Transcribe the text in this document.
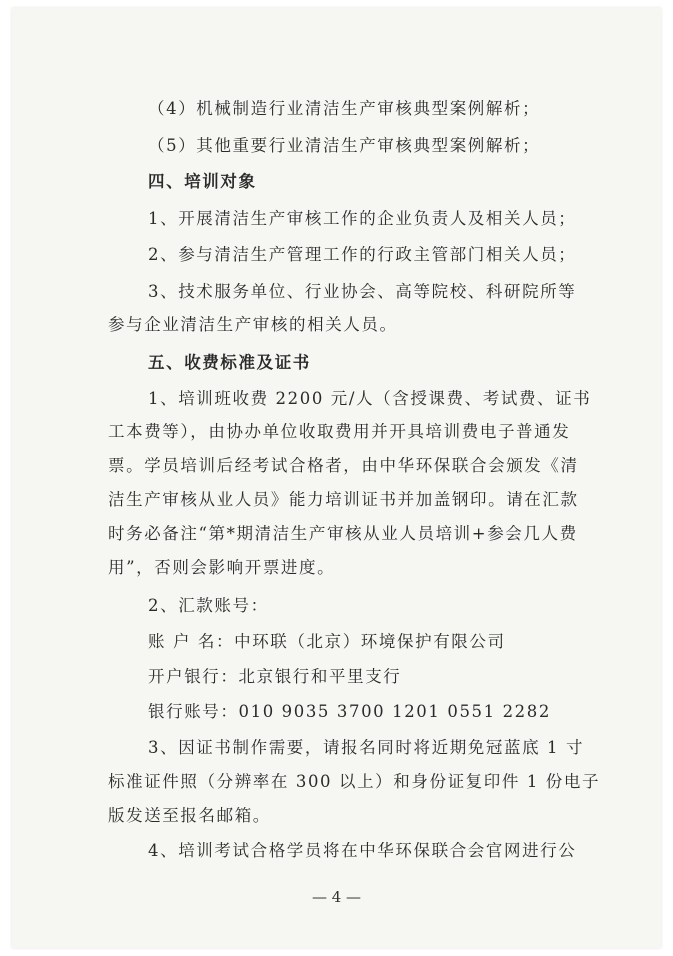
（4）机械制造行业清洁生产审核典型案例解析；
（5）其他重要行业清洁生产审核典型案例解析；
四、培训对象
1、开展清洁生产审核工作的企业负责人及相关人员；
2、参与清洁生产管理工作的行政主管部门相关人员；
3、技术服务单位、行业协会、高等院校、科研院所等
参与企业清洁生产审核的相关人员。
五、收费标准及证书
1、培训班收费 2200 元/人（含授课费、考试费、证书
工本费等），由协办单位收取费用并开具培训费电子普通发
票。学员培训后经考试合格者，由中华环保联合会颁发《清
洁生产审核从业人员》能力培训证书并加盖钢印。请在汇款
时务必备注“第*期清洁生产审核从业人员培训+参会几人费
用”，否则会影响开票进度。
2、汇款账号：
账 户 名：中环联（北京）环境保护有限公司
开户银行：北京银行和平里支行
银行账号：010 9035 3700 1201 0551 2282
3、因证书制作需要，请报名同时将近期免冠蓝底 1 寸
标准证件照（分辨率在 300 以上）和身份证复印件 1 份电子
版发送至报名邮箱。
4、培训考试合格学员将在中华环保联合会官网进行公
— 4 —
